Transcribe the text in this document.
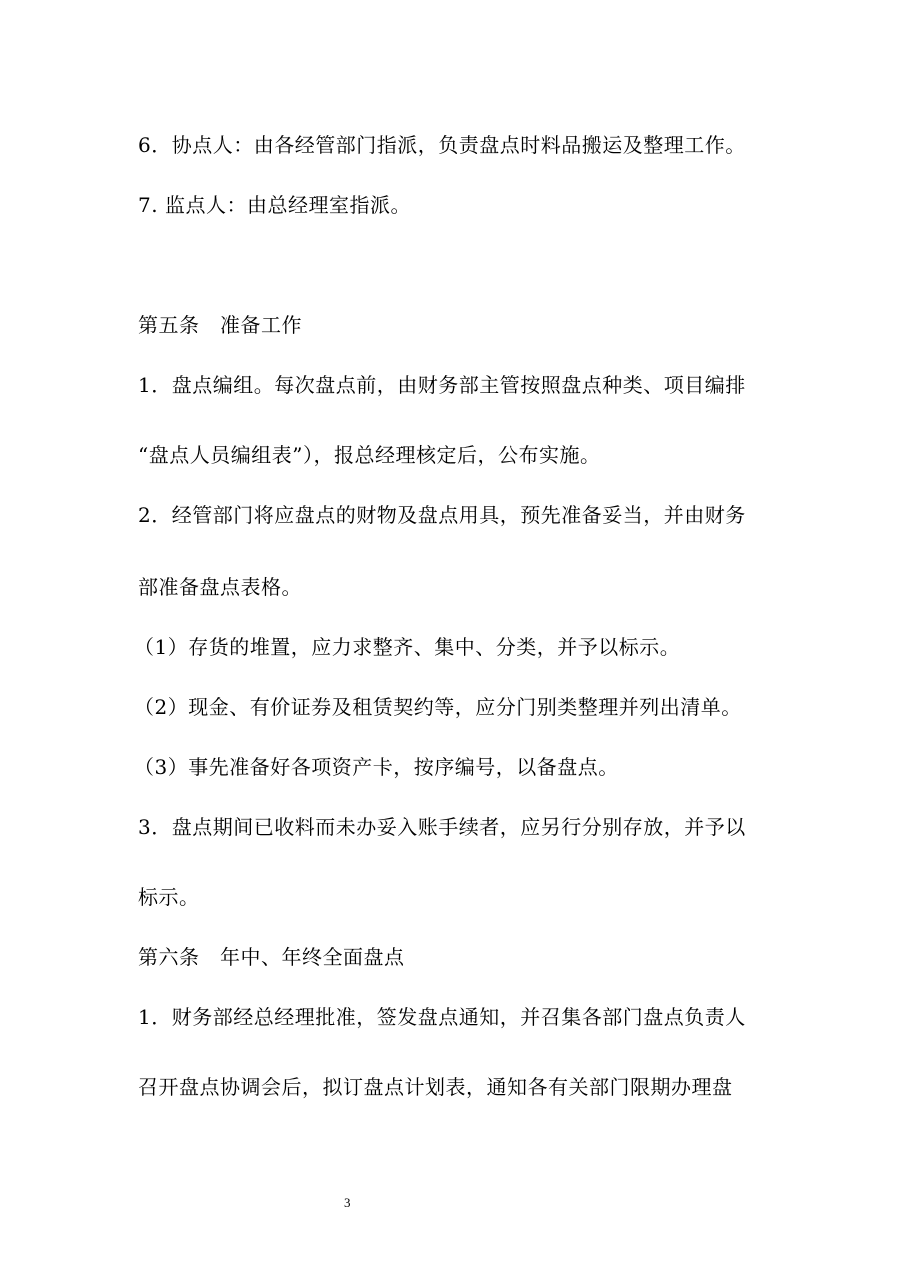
6．协点人：由各经管部门指派，负责盘点时料品搬运及整理工作。
7. 监点人：由总经理室指派。
第五条　准备工作
1．盘点编组。每次盘点前，由财务部主管按照盘点种类、项目编排
“盘点人员编组表”），报总经理核定后，公布实施。
2．经管部门将应盘点的财物及盘点用具，预先准备妥当，并由财务
部准备盘点表格。
（1）存货的堆置，应力求整齐、集中、分类，并予以标示。
（2）现金、有价证券及租赁契约等，应分门别类整理并列出清单。
（3）事先准备好各项资产卡，按序编号，以备盘点。
3．盘点期间已收料而未办妥入账手续者，应另行分别存放，并予以
标示。
第六条　年中、年终全面盘点
1．财务部经总经理批准，签发盘点通知，并召集各部门盘点负责人
召开盘点协调会后，拟订盘点计划表，通知各有关部门限期办理盘
3
